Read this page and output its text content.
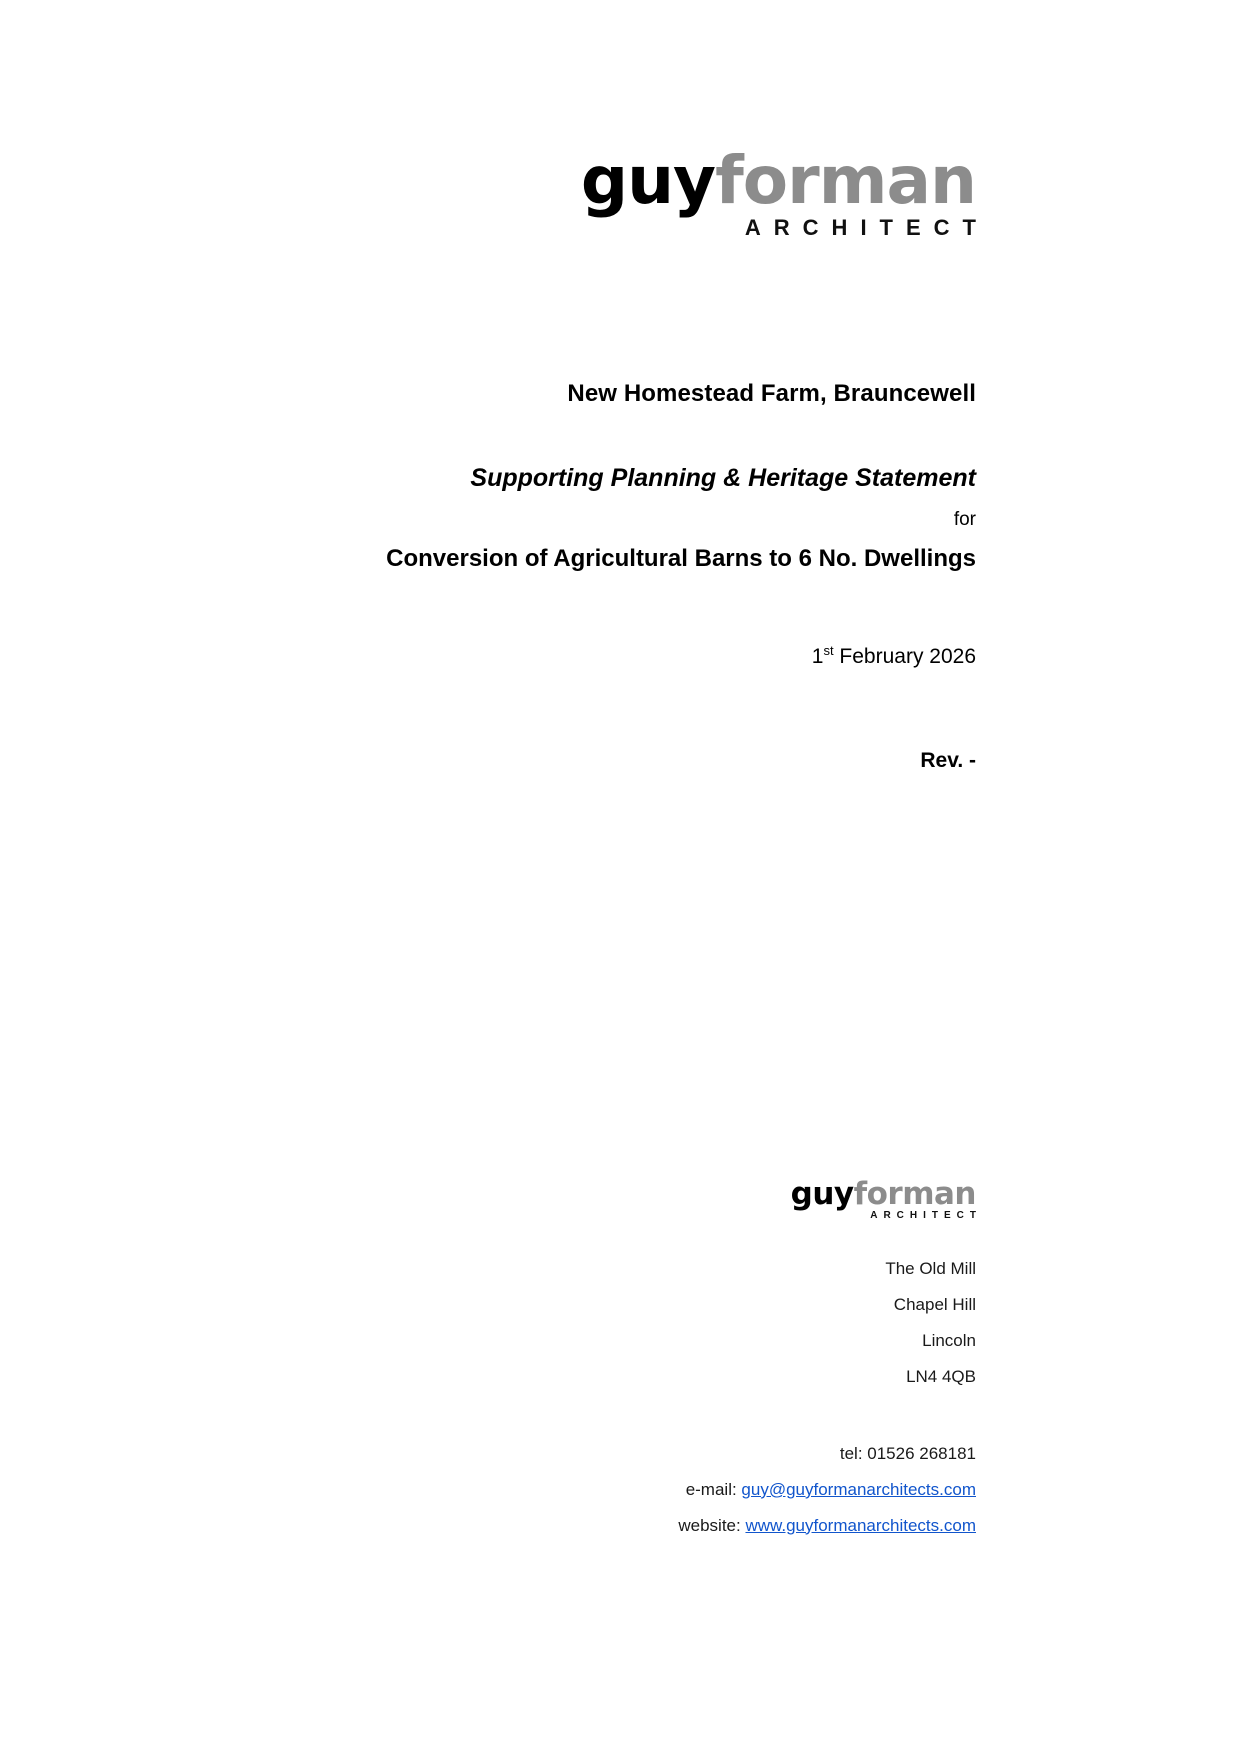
guyforman
ARCHITECT
New Homestead Farm, Brauncewell
Supporting Planning & Heritage Statement
for
Conversion of Agricultural Barns to 6 No. Dwellings
1st February 2026
Rev. -
guyforman
ARCHITECT
The Old Mill
Chapel Hill
Lincoln
LN4 4QB
tel: 01526 268181
e-mail: guy@guyformanarchitects.com
website: www.guyformanarchitects.com
